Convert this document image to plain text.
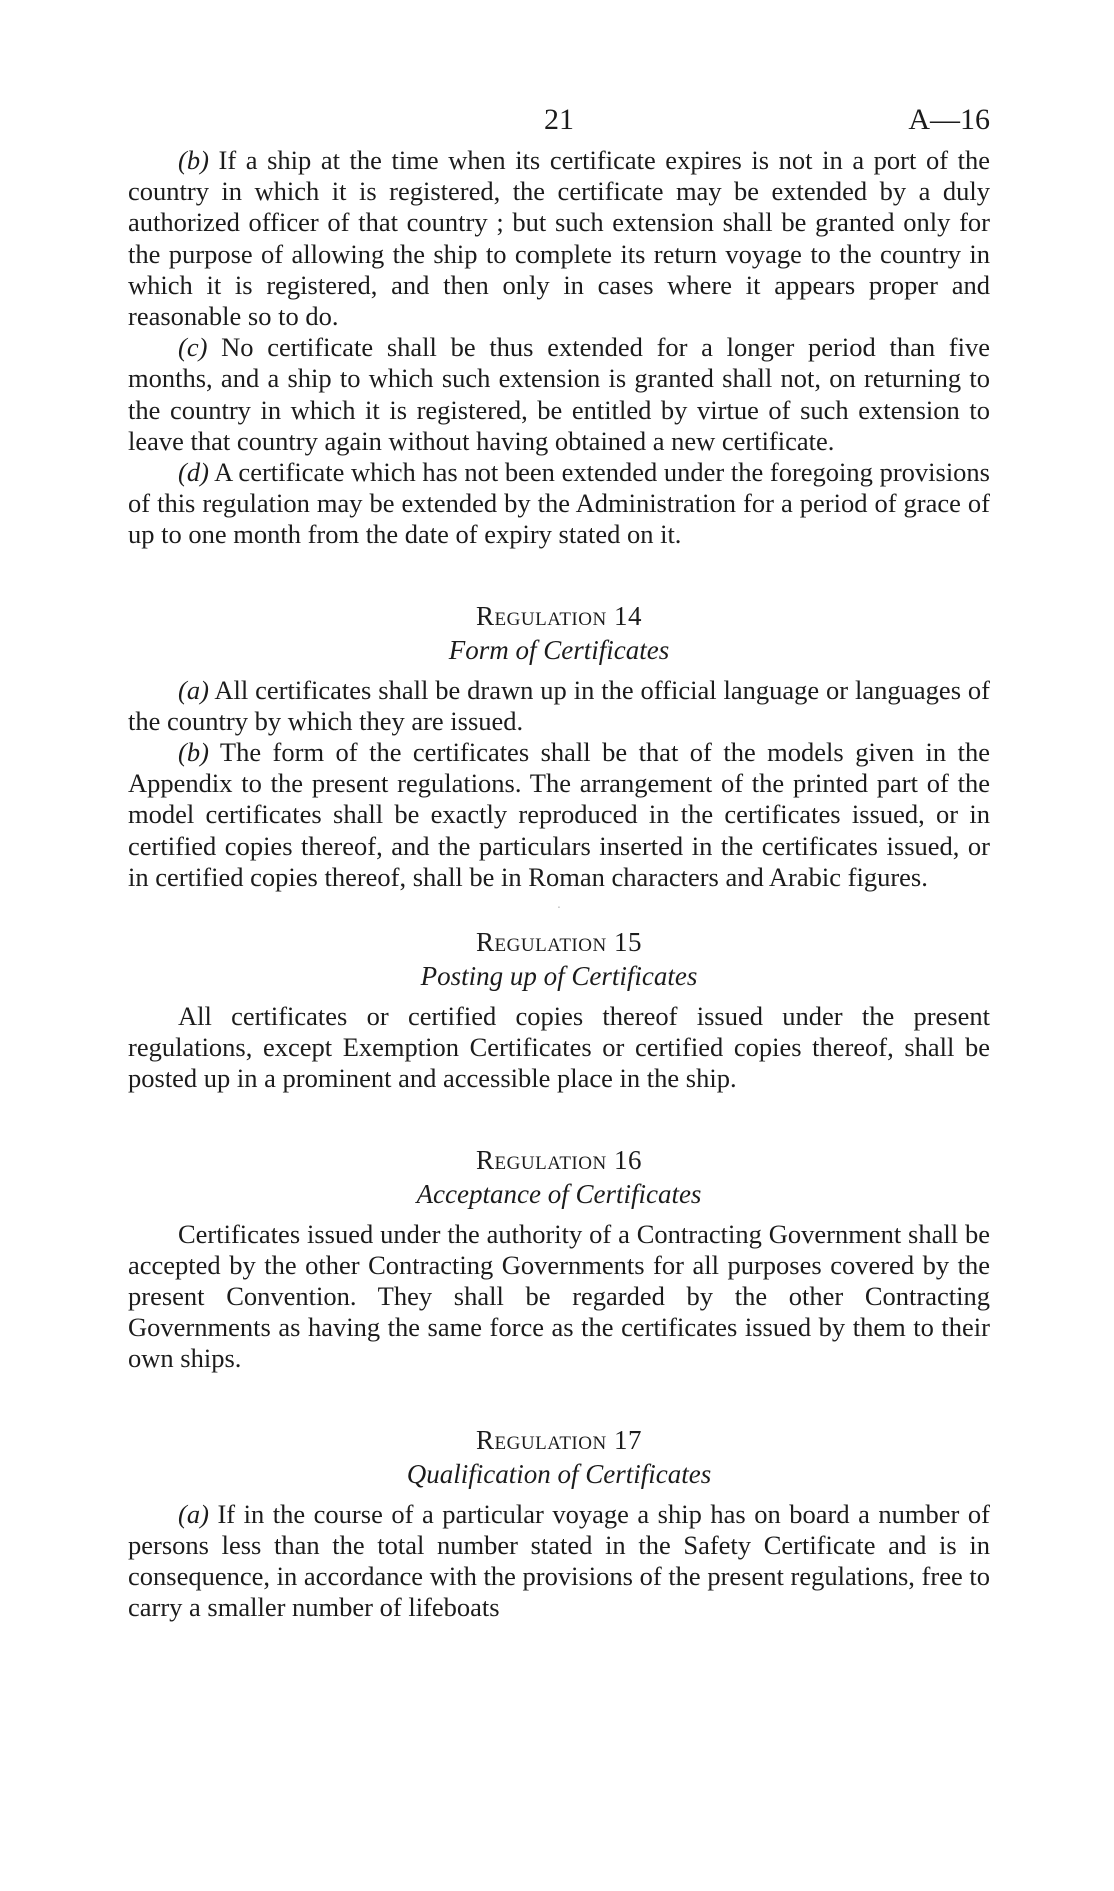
21	A—16

(b) If a ship at the time when its certificate expires is not in a port of the country in which it is registered, the certificate may be extended by a duly authorized officer of that country ; but such extension shall be granted only for the purpose of allowing the ship to complete its return voyage to the country in which it is registered, and then only in cases where it appears proper and reasonable so to do.

(c) No certificate shall be thus extended for a longer period than five months, and a ship to which such extension is granted shall not, on returning to the country in which it is registered, be entitled by virtue of such extension to leave that country again without having obtained a new certificate.

(d) A certificate which has not been extended under the foregoing provisions of this regulation may be extended by the Administration for a period of grace of up to one month from the date of expiry stated on it.

Regulation 14
Form of Certificates

(a) All certificates shall be drawn up in the official language or languages of the country by which they are issued.

(b) The form of the certificates shall be that of the models given in the Appendix to the present regulations. The arrangement of the printed part of the model certificates shall be exactly reproduced in the certificates issued, or in certified copies thereof, and the particulars inserted in the certificates issued, or in certified copies thereof, shall be in Roman characters and Arabic figures.

·
Regulation 15
Posting up of Certificates

All certificates or certified copies thereof issued under the present regulations, except Exemption Certificates or certified copies thereof, shall be posted up in a prominent and accessible place in the ship.

Regulation 16
Acceptance of Certificates

Certificates issued under the authority of a Contracting Government shall be accepted by the other Contracting Governments for all purposes covered by the present Convention. They shall be regarded by the other Contracting Governments as having the same force as the certificates issued by them to their own ships.

Regulation 17
Qualification of Certificates

(a) If in the course of a particular voyage a ship has on board a number of persons less than the total number stated in the Safety Certificate and is in consequence, in accordance with the provisions of the present regulations, free to carry a smaller number of lifeboats
